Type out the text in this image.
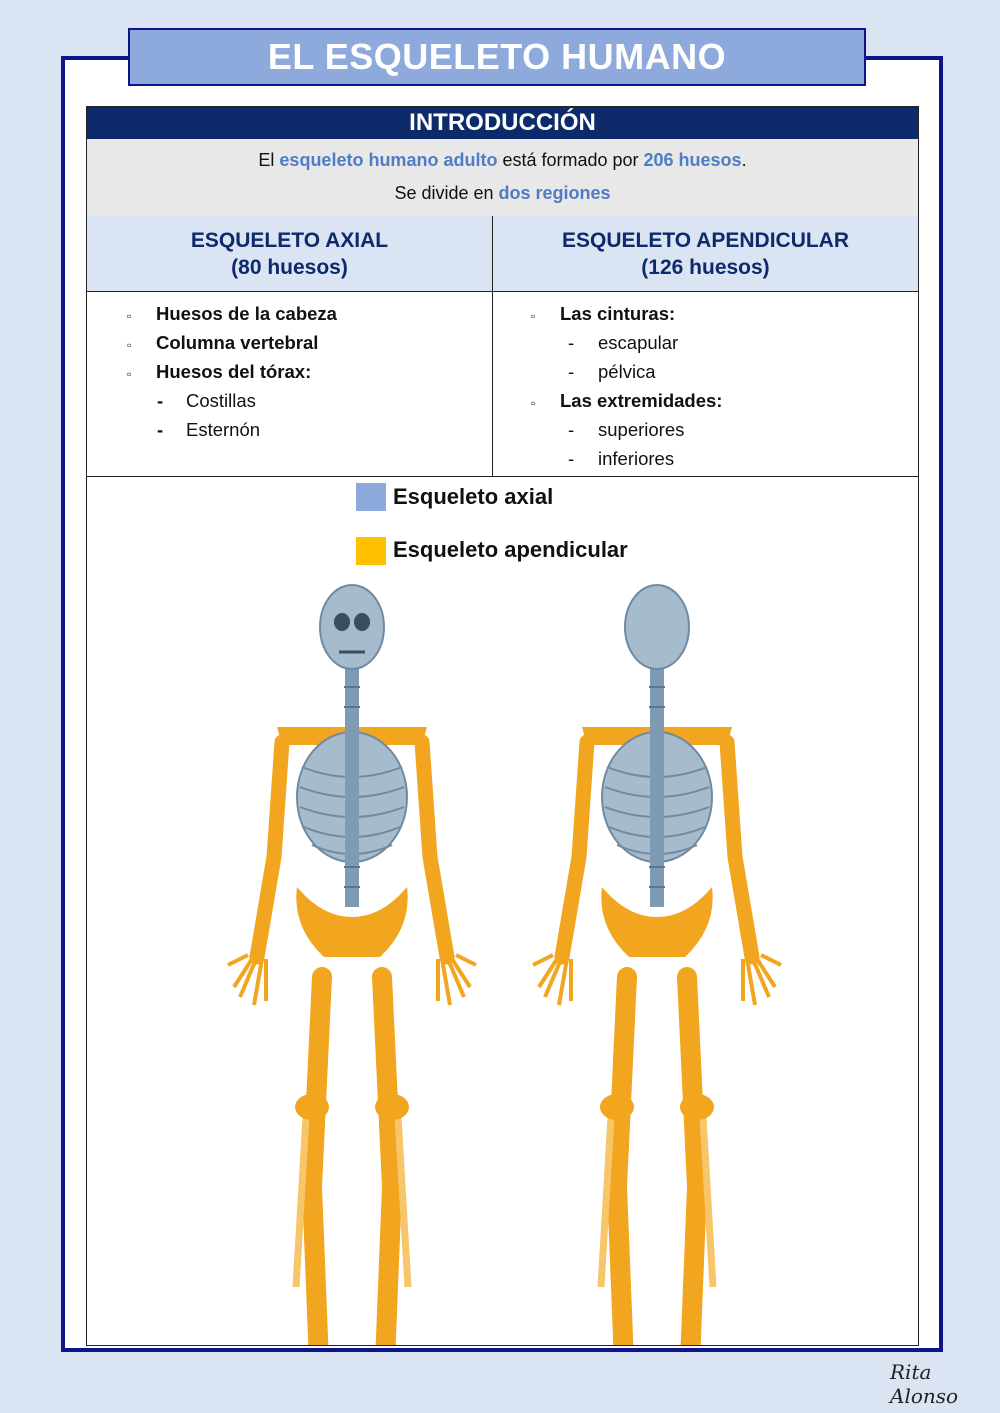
EL ESQUELETO HUMANO
INTRODUCCIÓN
El esqueleto humano adulto está formado por 206 huesos.
Se divide en dos regiones
ESQUELETO AXIAL
(80 huesos)
ESQUELETO APENDICULAR
(126 huesos)
▫ Huesos de la cabeza
▫ Columna vertebral
▫ Huesos del tórax:
- Costillas
- Esternón
▫ Las cinturas:
- escapular
- pélvica
▫ Las extremidades:
- superiores
- inferiores
Esqueleto axial
Esqueleto apendicular
Rita Alonso
